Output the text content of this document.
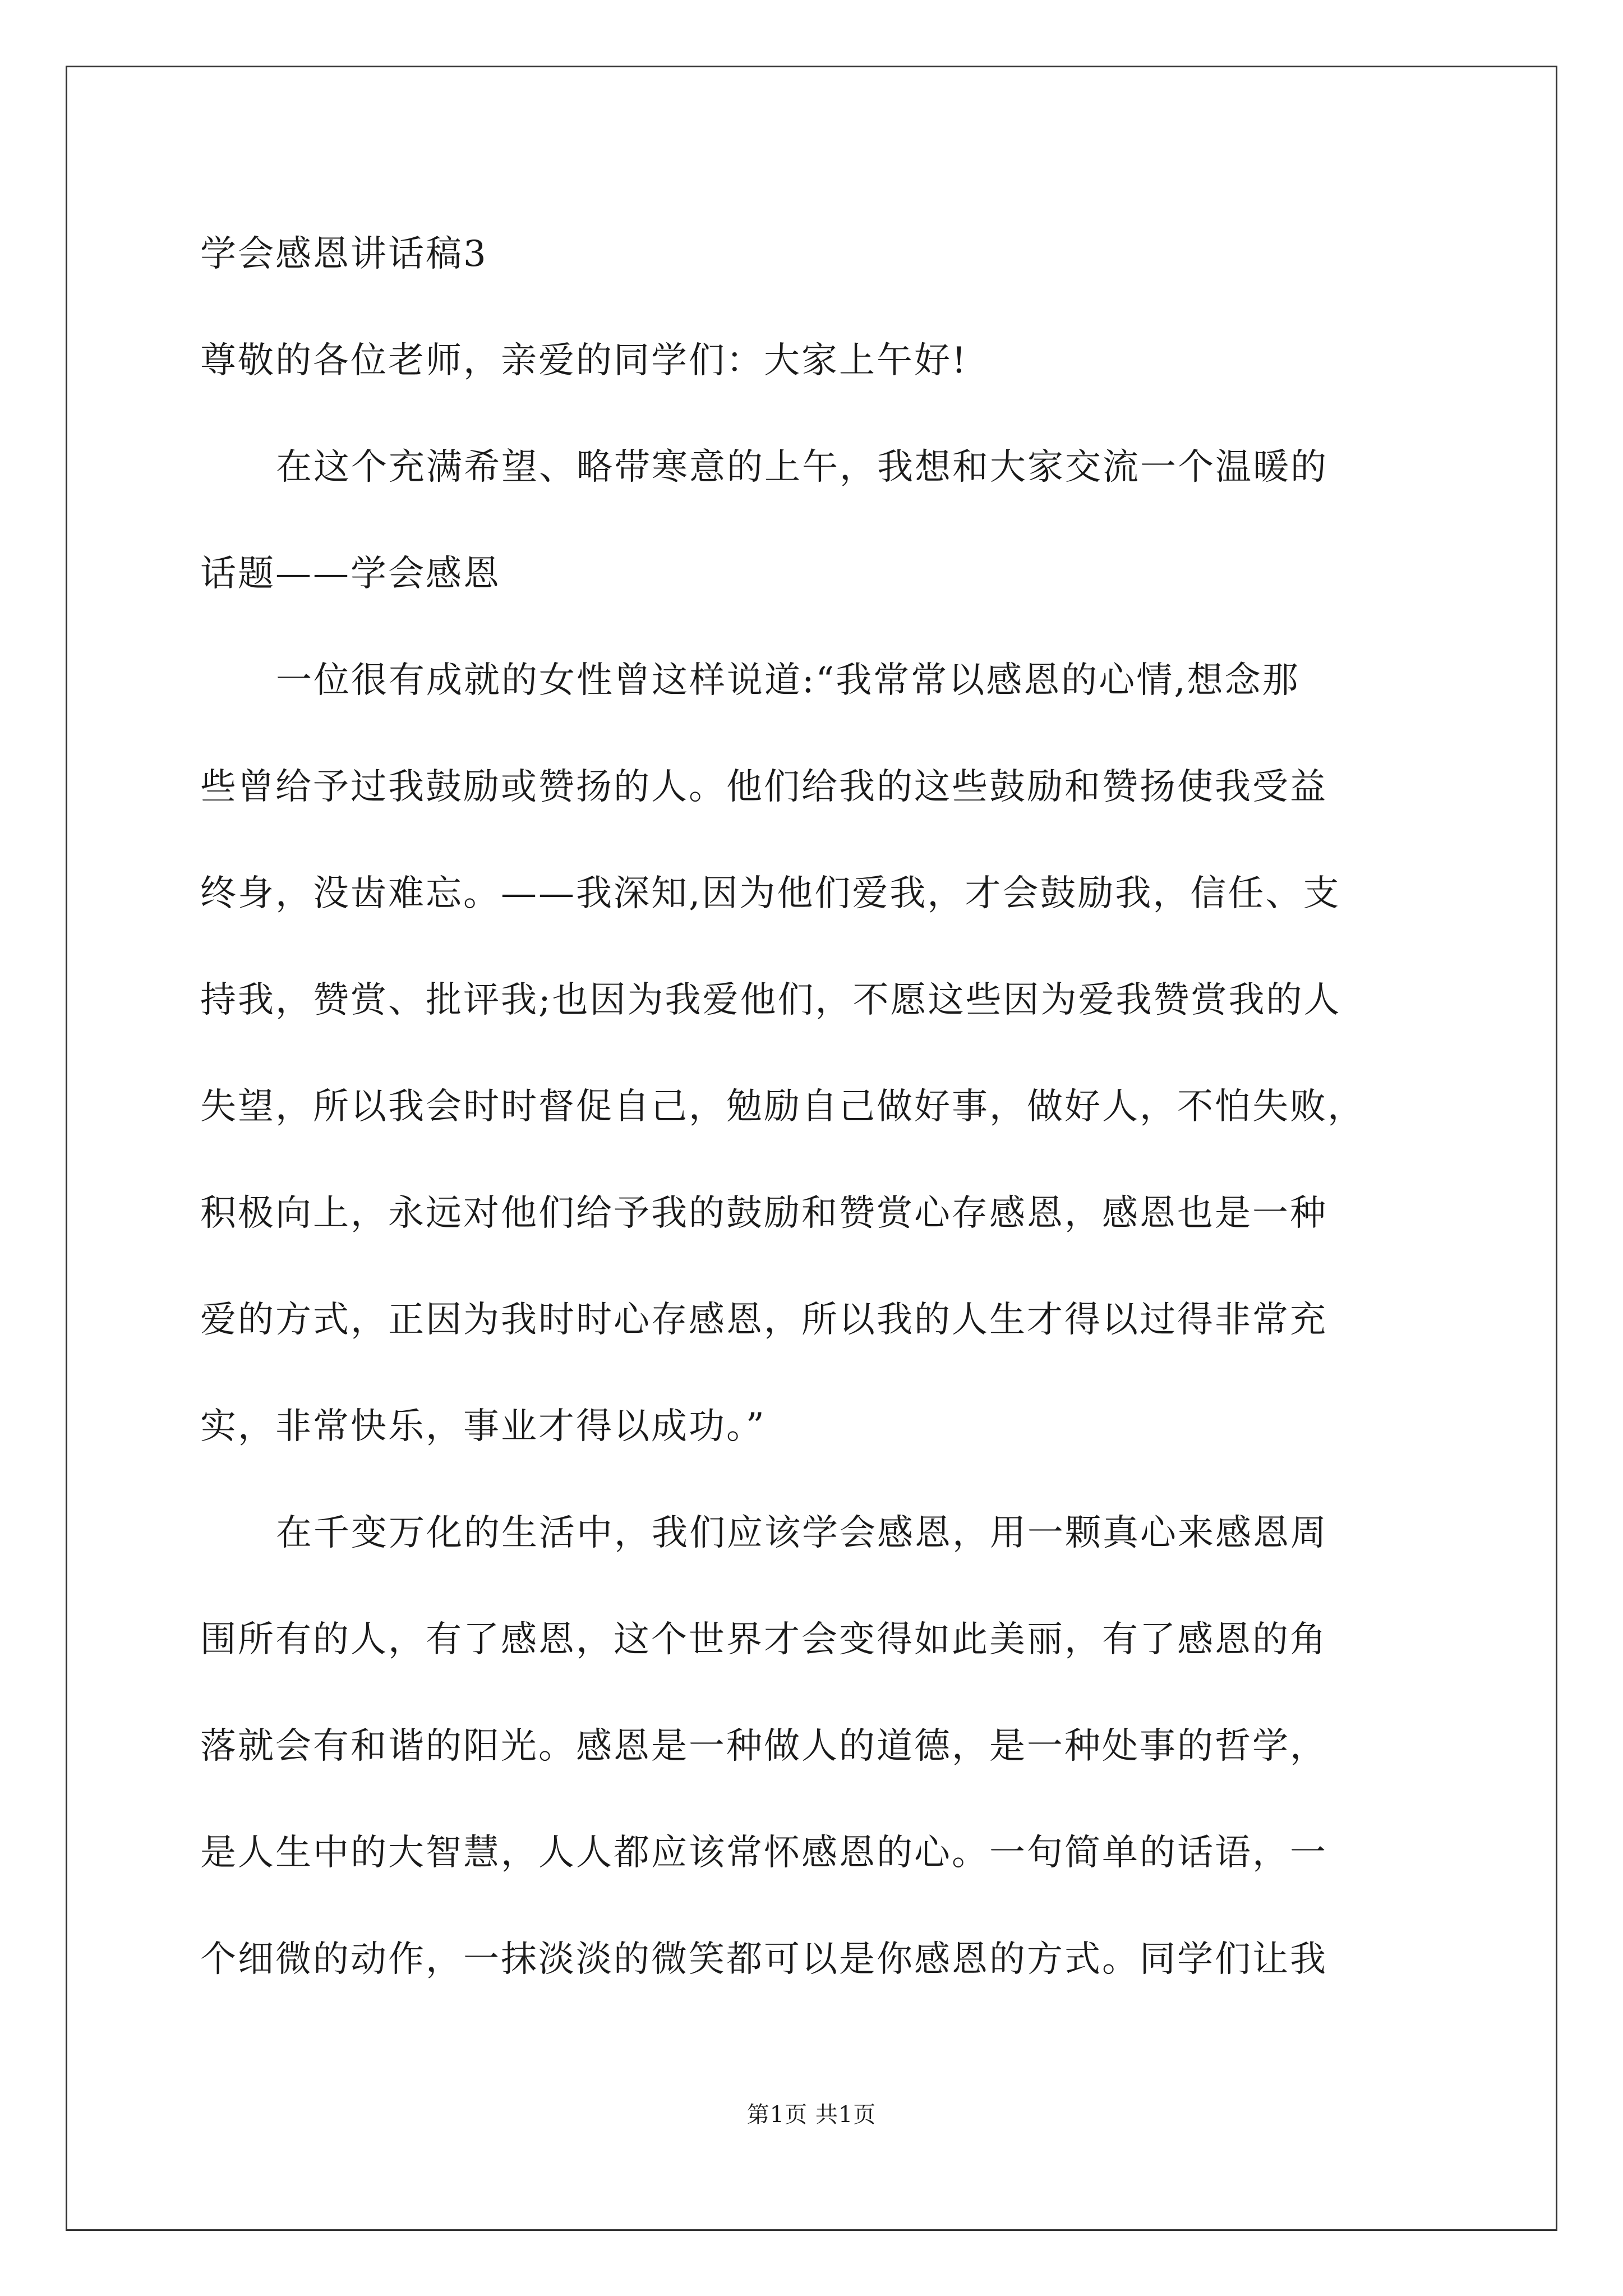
学会感恩讲话稿3
尊敬的各位老师，亲爱的同学们：大家上午好!
在这个充满希望、略带寒意的上午，我想和大家交流一个温暖的
话题——学会感恩
一位很有成就的女性曾这样说道:“我常常以感恩的心情,想念那
些曾给予过我鼓励或赞扬的人。他们给我的这些鼓励和赞扬使我受益
终身，没齿难忘。——我深知,因为他们爱我，才会鼓励我，信任、支
持我，赞赏、批评我;也因为我爱他们，不愿这些因为爱我赞赏我的人
失望，所以我会时时督促自己，勉励自己做好事，做好人，不怕失败，
积极向上，永远对他们给予我的鼓励和赞赏心存感恩，感恩也是一种
爱的方式，正因为我时时心存感恩，所以我的人生才得以过得非常充
实，非常快乐，事业才得以成功。”
在千变万化的生活中，我们应该学会感恩，用一颗真心来感恩周
围所有的人，有了感恩，这个世界才会变得如此美丽，有了感恩的角
落就会有和谐的阳光。感恩是一种做人的道德，是一种处事的哲学，
是人生中的大智慧，人人都应该常怀感恩的心。一句简单的话语，一
个细微的动作，一抹淡淡的微笑都可以是你感恩的方式。同学们让我
第1页 共1页
